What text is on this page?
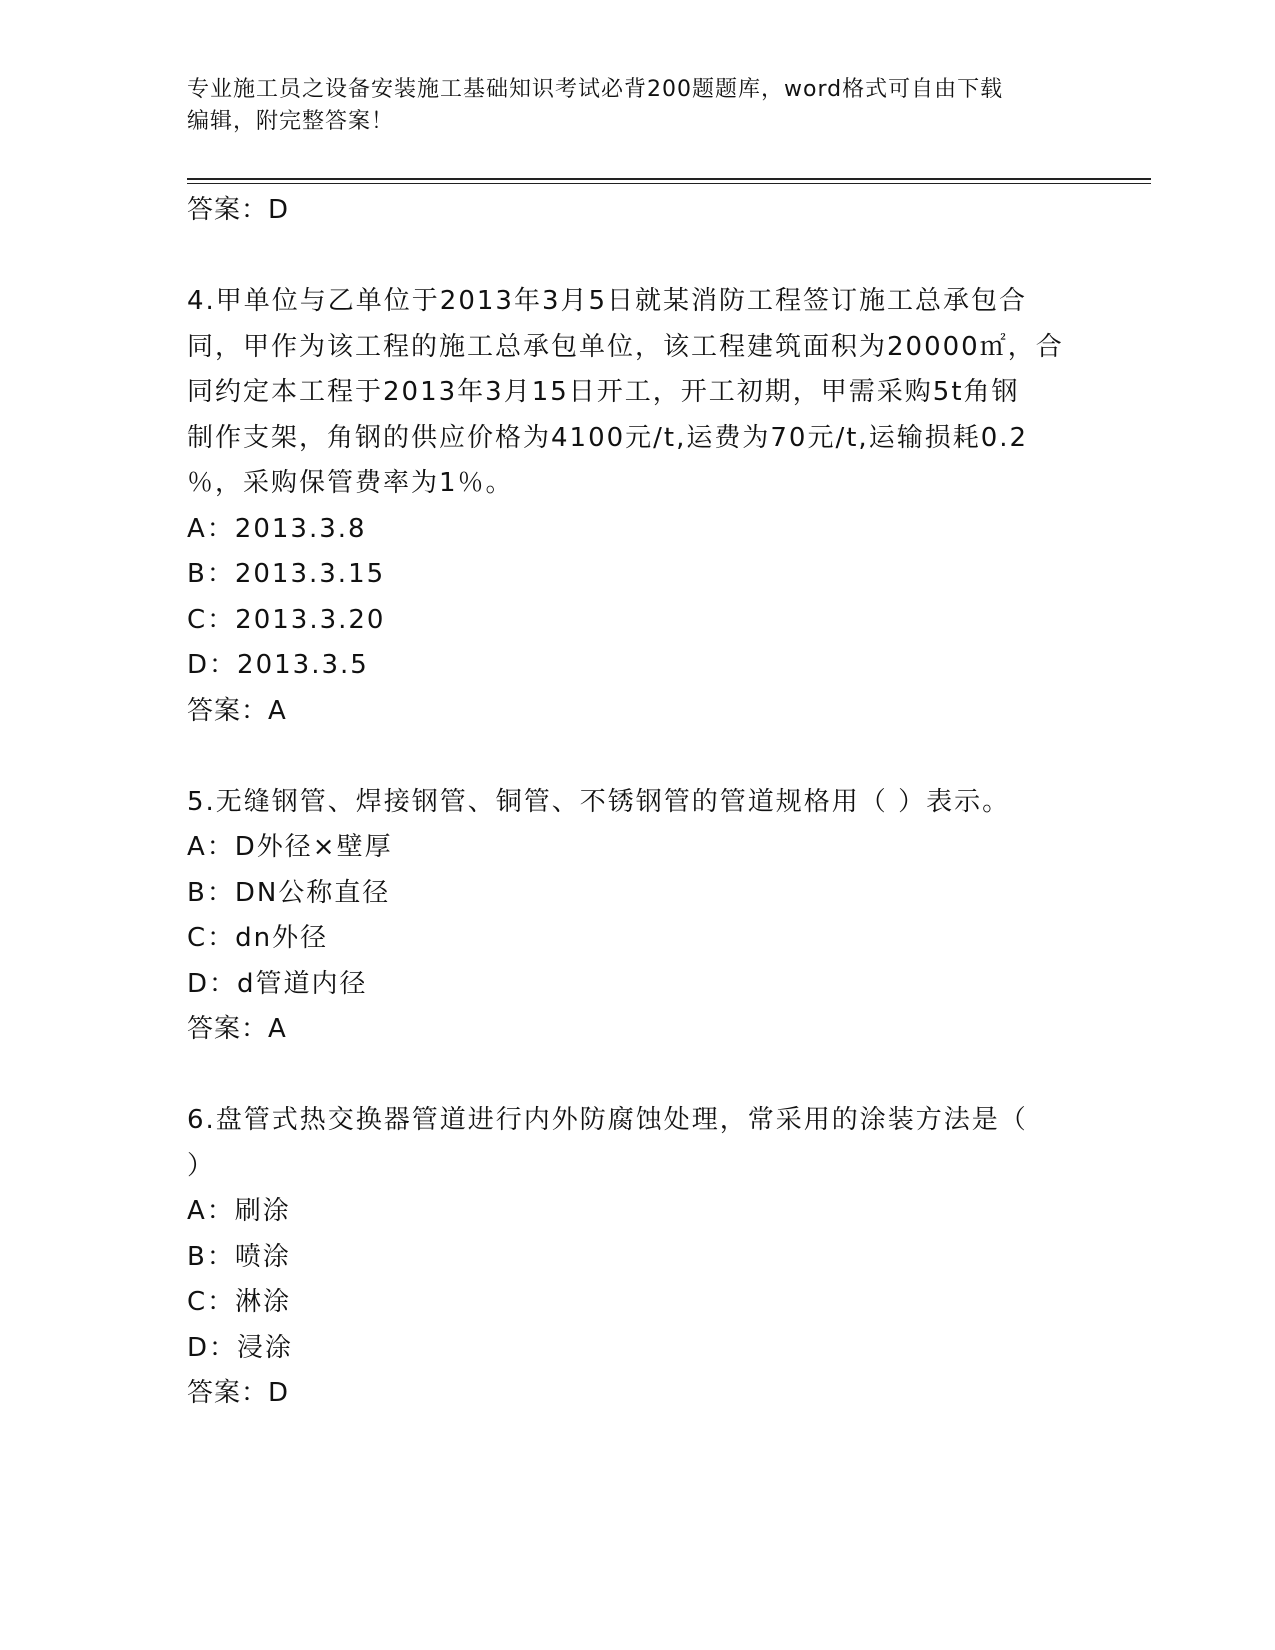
专业施工员之设备安装施工基础知识考试必背200题题库，word格式可自由下载
编辑，附完整答案！
答案：D
4.甲单位与乙单位于2013年3月5日就某消防工程签订施工总承包合
同，甲作为该工程的施工总承包单位，该工程建筑面积为20000㎡，合
同约定本工程于2013年3月15日开工，开工初期，甲需采购5t角钢
制作支架，角钢的供应价格为4100元/t,运费为70元/t,运输损耗0.2
％，采购保管费率为1％。
A：2013.3.8
B：2013.3.15
C：2013.3.20
D：2013.3.5
答案：A
5.无缝钢管、焊接钢管、铜管、不锈钢管的管道规格用（ ）表示。
A：D外径×壁厚
B：DN公称直径
C：dn外径
D：d管道内径
答案：A
6.盘管式热交换器管道进行内外防腐蚀处理，常采用的涂装方法是（
）
A：刷涂
B：喷涂
C：淋涂
D：浸涂
答案：D
